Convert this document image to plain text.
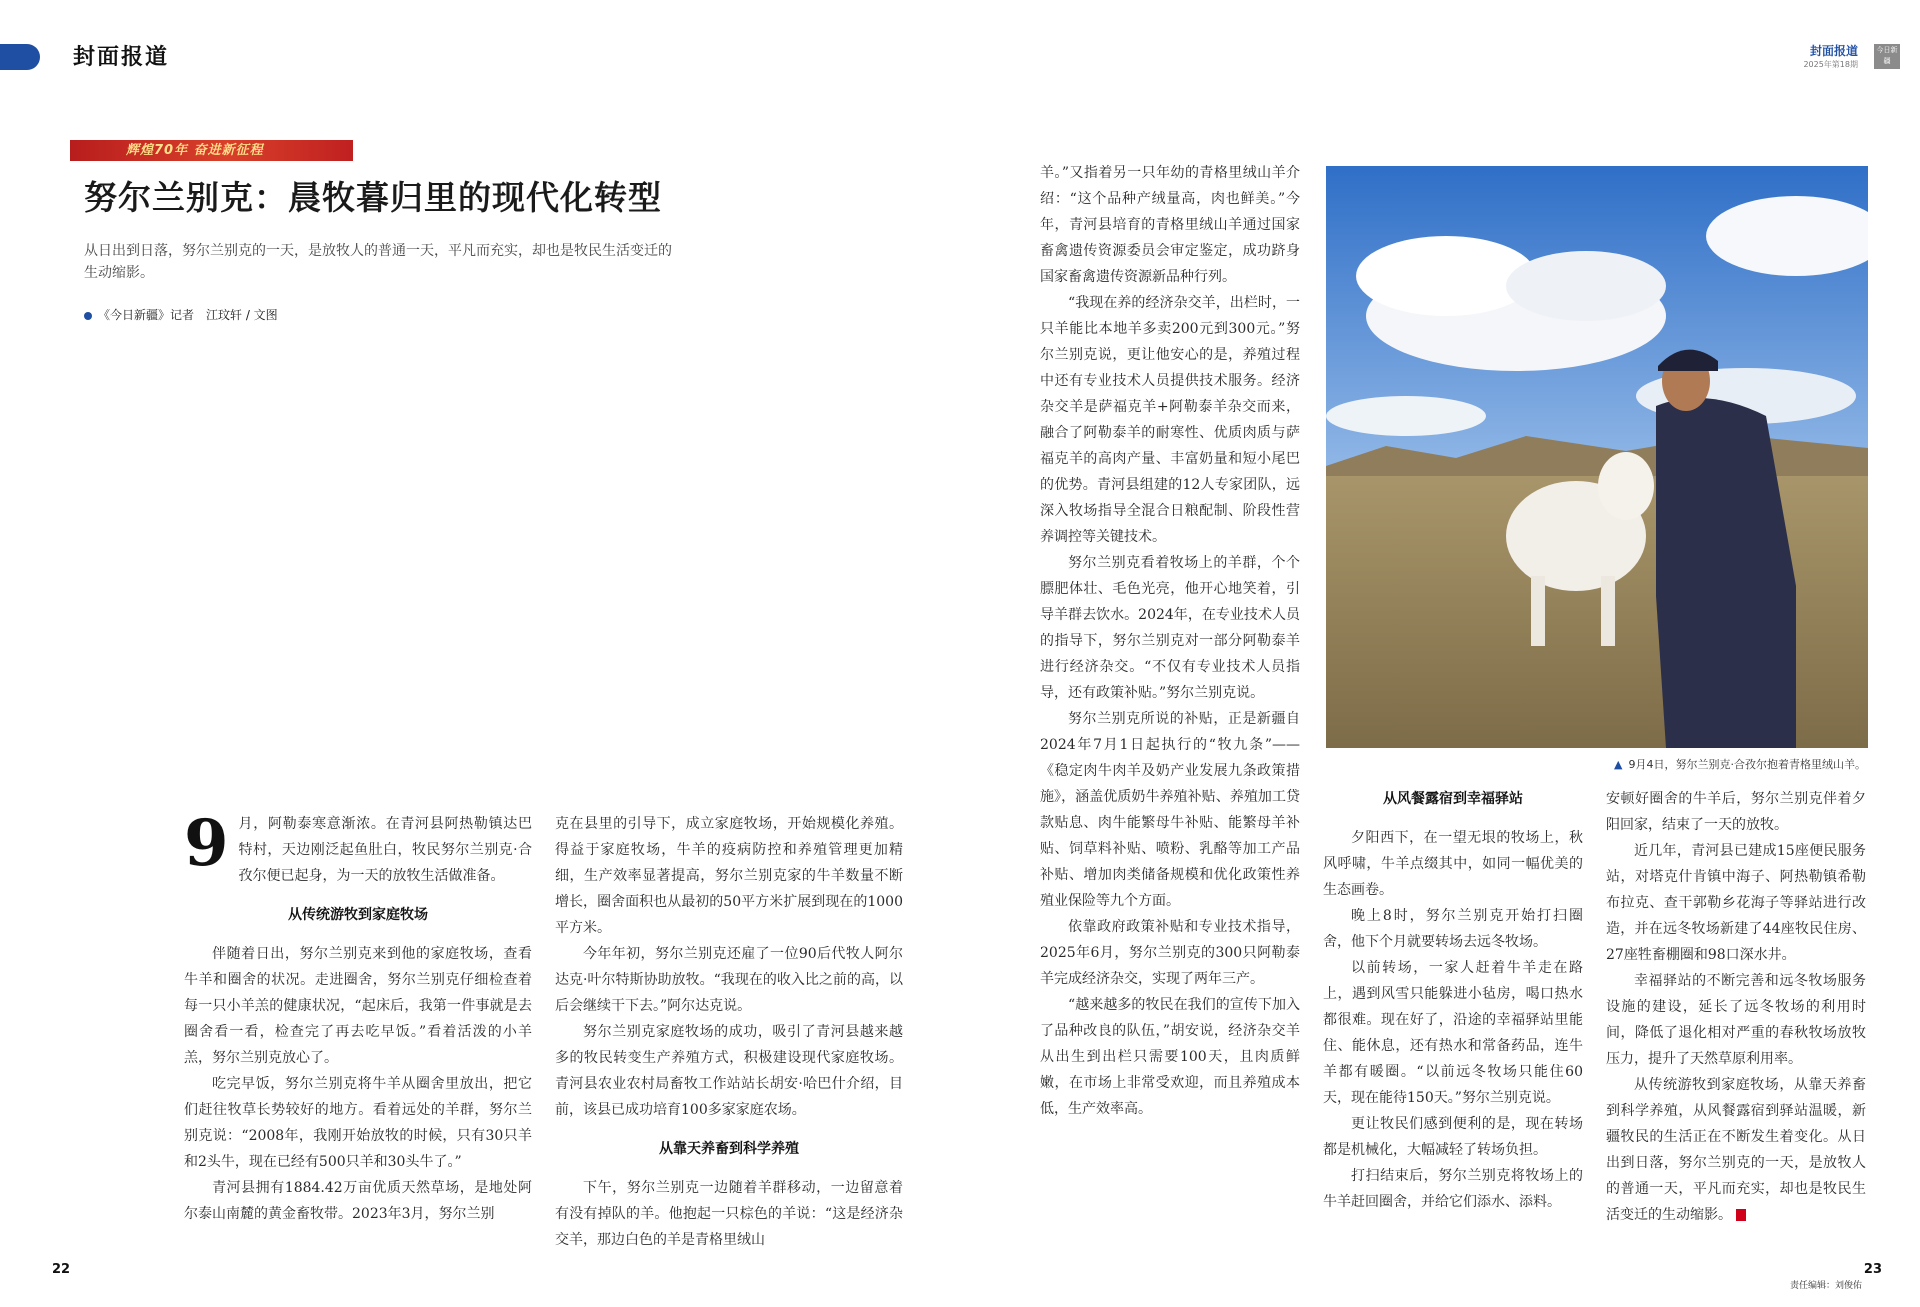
封面报道	封面报道
2025年第18期
今日新疆
辉煌70年 奋进新征程
努尔兰别克：晨牧暮归里的现代化转型
从日出到日落，努尔兰别克的一天，是放牧人的普通一天，平凡而充实，却也是牧民生活变迁的生动缩影。
《今日新疆》记者　江玟轩 / 文图

9 月，阿勒泰寒意渐浓。在青河县阿热勒镇达巴特村，天边刚泛起鱼肚白，牧民努尔兰别克·合孜尔便已起身，为一天的放牧生活做准备。

从传统游牧到家庭牧场

伴随着日出，努尔兰别克来到他的家庭牧场，查看牛羊和圈舍的状况。走进圈舍，努尔兰别克仔细检查着每一只小羊羔的健康状况，“起床后，我第一件事就是去圈舍看一看，检查完了再去吃早饭。”看着活泼的小羊羔，努尔兰别克放心了。

吃完早饭，努尔兰别克将牛羊从圈舍里放出，把它们赶往牧草长势较好的地方。看着远处的羊群，努尔兰别克说：“2008年，我刚开始放牧的时候，只有30只羊和2头牛，现在已经有500只羊和30头牛了。”

青河县拥有1884.42万亩优质天然草场，是地处阿尔泰山南麓的黄金畜牧带。2023年3月，努尔兰别

克在县里的引导下，成立家庭牧场，开始规模化养殖。得益于家庭牧场，牛羊的疫病防控和养殖管理更加精细，生产效率显著提高，努尔兰别克家的牛羊数量不断增长，圈舍面积也从最初的50平方米扩展到现在的1000平方米。

今年年初，努尔兰别克还雇了一位90后代牧人阿尔达克·叶尔特斯协助放牧。“我现在的收入比之前的高，以后会继续干下去。”阿尔达克说。

努尔兰别克家庭牧场的成功，吸引了青河县越来越多的牧民转变生产养殖方式，积极建设现代家庭牧场。青河县农业农村局畜牧工作站站长胡安·哈巴什介绍，目前，该县已成功培育100多家家庭农场。

从靠天养畜到科学养殖

下午，努尔兰别克一边随着羊群移动，一边留意着有没有掉队的羊。他抱起一只棕色的羊说：“这是经济杂交羊，那边白色的羊是青格里绒山

羊。”又指着另一只年幼的青格里绒山羊介绍：“这个品种产绒量高，肉也鲜美。”今年，青河县培育的青格里绒山羊通过国家畜禽遗传资源委员会审定鉴定，成功跻身国家畜禽遗传资源新品种行列。

“我现在养的经济杂交羊，出栏时，一只羊能比本地羊多卖200元到300元。”努尔兰别克说，更让他安心的是，养殖过程中还有专业技术人员提供技术服务。经济杂交羊是萨福克羊+阿勒泰羊杂交而来，融合了阿勒泰羊的耐寒性、优质肉质与萨福克羊的高肉产量、丰富奶量和短小尾巴的优势。青河县组建的12人专家团队，远深入牧场指导全混合日粮配制、阶段性营养调控等关键技术。

努尔兰别克看着牧场上的羊群，个个膘肥体壮、毛色光亮，他开心地笑着，引导羊群去饮水。2024年，在专业技术人员的指导下，努尔兰别克对一部分阿勒泰羊进行经济杂交。“不仅有专业技术人员指导，还有政策补贴。”努尔兰别克说。

努尔兰别克所说的补贴，正是新疆自2024年7月1日起执行的“牧九条”——《稳定肉牛肉羊及奶产业发展九条政策措施》，涵盖优质奶牛养殖补贴、养殖加工贷款贴息、肉牛能繁母牛补贴、能繁母羊补贴、饲草料补贴、喷粉、乳酪等加工产品补贴、增加肉类储备规模和优化政策性养殖业保险等九个方面。

依靠政府政策补贴和专业技术指导，2025年6月，努尔兰别克的300只阿勒泰羊完成经济杂交，实现了两年三产。

“越来越多的牧民在我们的宣传下加入了品种改良的队伍，”胡安说，经济杂交羊从出生到出栏只需要100天，且肉质鲜嫩，在市场上非常受欢迎，而且养殖成本低，生产效率高。

▲ 9月4日，努尔兰别克·合孜尔抱着青格里绒山羊。
从风餐露宿到幸福驿站

夕阳西下，在一望无垠的牧场上，秋风呼啸，牛羊点缀其中，如同一幅优美的生态画卷。

晚上8时，努尔兰别克开始打扫圈舍，他下个月就要转场去远冬牧场。

以前转场，一家人赶着牛羊走在路上，遇到风雪只能躲进小毡房，喝口热水都很难。现在好了，沿途的幸福驿站里能住、能休息，还有热水和常备药品，连牛羊都有暖圈。“以前远冬牧场只能住60天，现在能待150天。”努尔兰别克说。

更让牧民们感到便利的是，现在转场都是机械化，大幅减轻了转场负担。

打扫结束后，努尔兰别克将牧场上的牛羊赶回圈舍，并给它们添水、添料。

安顿好圈舍的牛羊后，努尔兰别克伴着夕阳回家，结束了一天的放牧。

近几年，青河县已建成15座便民服务站，对塔克什肯镇中海子、阿热勒镇希勒布拉克、查干郭勒乡花海子等驿站进行改造，并在远冬牧场新建了44座牧民住房、27座牲畜棚圈和98口深水井。

幸福驿站的不断完善和远冬牧场服务设施的建设，延长了远冬牧场的利用时间，降低了退化相对严重的春秋牧场放牧压力，提升了天然草原利用率。

从传统游牧到家庭牧场，从靠天养畜到科学养殖，从风餐露宿到驿站温暖，新疆牧民的生活正在不断发生着变化。从日出到日落，努尔兰别克的一天，是放牧人的普通一天，平凡而充实，却也是牧民生活变迁的生动缩影。

22	23
责任编辑：刘俊佑
